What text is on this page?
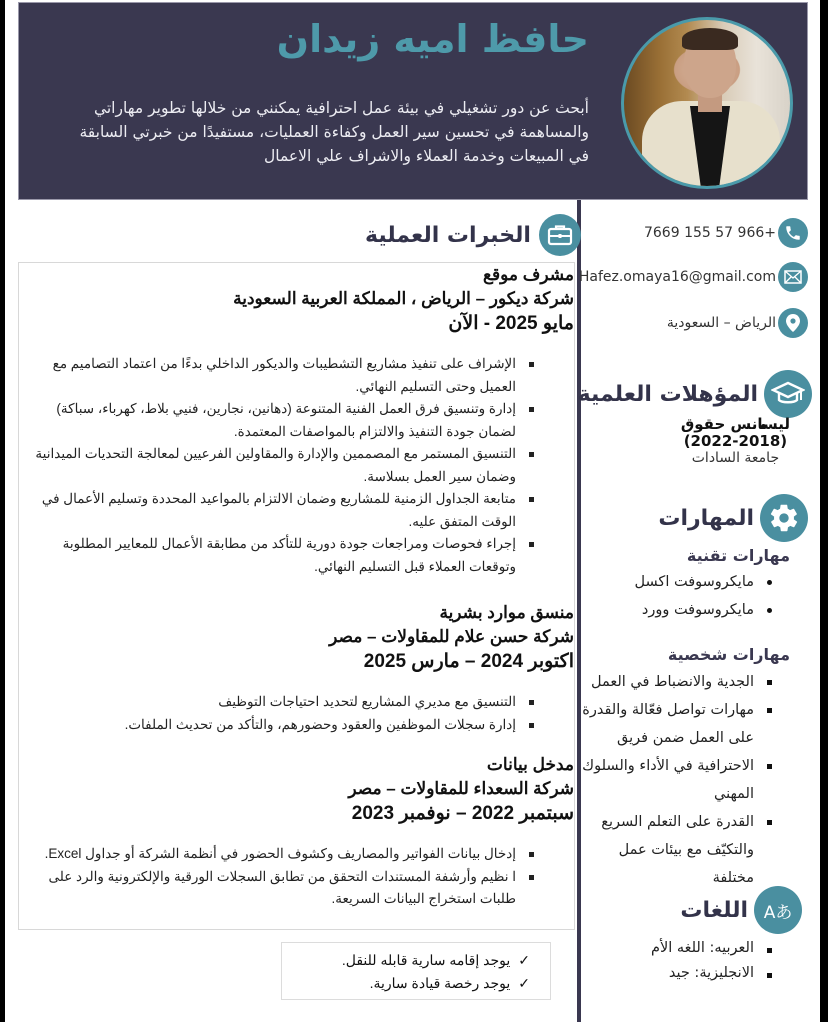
حافظ اميه زيدان
أبحث عن دور تشغيلي في بيئة عمل احترافية يمكنني من خلالها تطوير مهاراتي والمساهمة في تحسين سير العمل وكفاءة العمليات، مستفيدًا من خبرتي السابقة في المبيعات وخدمة العملاء والاشراف علي الاعمال
+966 57 155 7669
Hafez.omaya16@gmail.com
الرياض – السعودية
المؤهلات العلمية
ليسانس حقوق
(2022-2018)
جامعة السادات
المهارات
مهارات تقنية
مايكروسوفت اكسل
مايكروسوفت وورد
مهارات شخصية
الجدية والانضباط في العمل
مهارات تواصل فعّالة والقدرة على العمل ضمن فريق
الاحترافية في الأداء والسلوك المهني
القدرة على التعلم السريع والتكيّف مع بيئات عمل مختلفة
Aあ
اللغات
العربيه: اللغه الأم
الانجليزية: جيد
الخبرات العملية
مشرف موقع
شركة ديكور – الرياض ، المملكة العربية السعودية
مايو 2025 - الآن
الإشراف على تنفيذ مشاريع التشطيبات والديكور الداخلي بدءًا من اعتماد التصاميم مع العميل وحتى التسليم النهائي.
إدارة وتنسيق فرق العمل الفنية المتنوعة (دهانين، نجارين، فنيي بلاط، كهرباء، سباكة) لضمان جودة التنفيذ والالتزام بالمواصفات المعتمدة.
التنسيق المستمر مع المصممين والإدارة والمقاولين الفرعيين لمعالجة التحديات الميدانية وضمان سير العمل بسلاسة.
متابعة الجداول الزمنية للمشاريع وضمان الالتزام بالمواعيد المحددة وتسليم الأعمال في الوقت المتفق عليه.
إجراء فحوصات ومراجعات جودة دورية للتأكد من مطابقة الأعمال للمعايير المطلوبة وتوقعات العملاء قبل التسليم النهائي.
منسق موارد بشرية
شركة حسن علام للمقاولات – مصر
اكتوبر 2024 – مارس 2025
التنسيق مع مديري المشاريع لتحديد احتياجات التوظيف
إدارة سجلات الموظفين والعقود وحضورهم، والتأكد من تحديث الملفات.
مدخل بيانات
شركة السعداء للمقاولات – مصر
سبتمبر 2022 – نوفمبر 2023
إدخال بيانات الفواتير والمصاريف وكشوف الحضور في أنظمة الشركة أو جداول Excel.
ا نظيم وأرشفة المستندات التحقق من تطابق السجلات الورقية والإلكترونية والرد على طلبات استخراج البيانات السريعة.
✓يوجد إقامه سارية قابله للنقل.
✓يوجد رخصة قيادة سارية.
